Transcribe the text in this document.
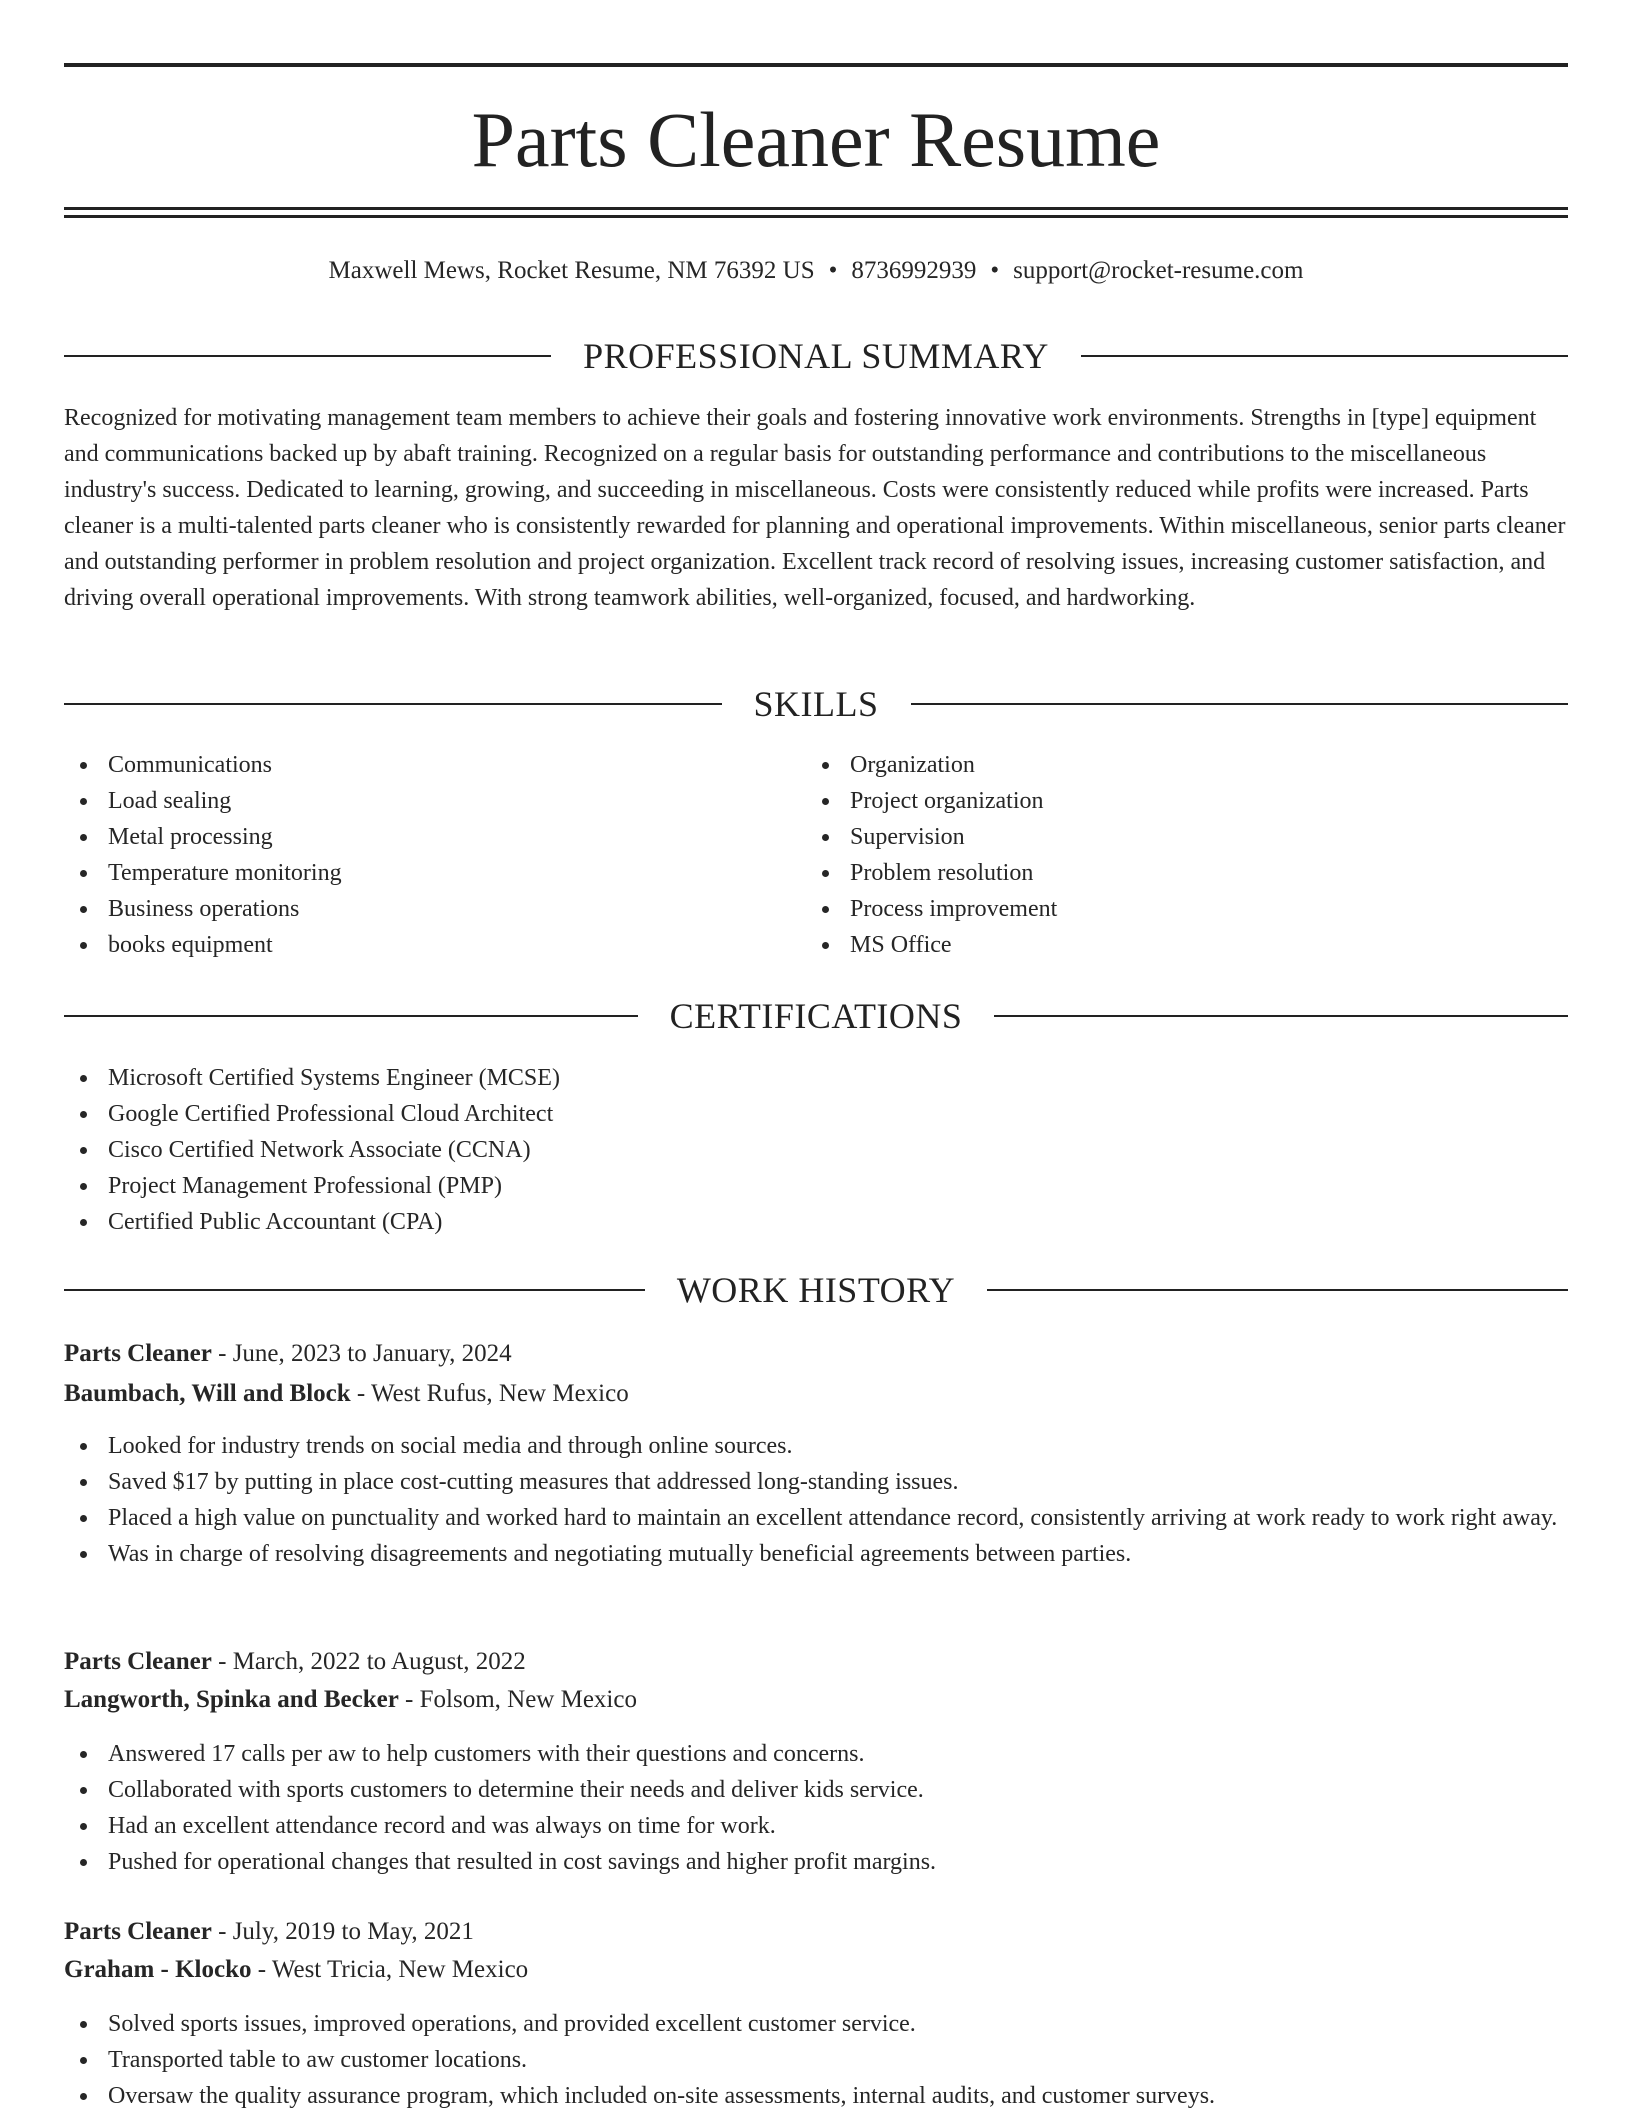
Parts Cleaner Resume
Maxwell Mews, Rocket Resume, NM 76392 US • 8736992939 • support@rocket-resume.com
PROFESSIONAL SUMMARY

Recognized for motivating management team members to achieve their goals and fostering innovative work environments. Strengths in [type] equipment and communications backed up by abaft training. Recognized on a regular basis for outstanding performance and contributions to the miscellaneous industry's success. Dedicated to learning, growing, and succeeding in miscellaneous. Costs were consistently reduced while profits were increased. Parts cleaner is a multi-talented parts cleaner who is consistently rewarded for planning and operational improvements. Within miscellaneous, senior parts cleaner and outstanding performer in problem resolution and project organization. Excellent track record of resolving issues, increasing customer satisfaction, and driving overall operational improvements. With strong teamwork abilities, well-organized, focused, and hardworking.

SKILLS
Communications
Load sealing
Metal processing
Temperature monitoring
Business operations
books equipment
Organization
Project organization
Supervision
Problem resolution
Process improvement
MS Office
CERTIFICATIONS
Microsoft Certified Systems Engineer (MCSE)
Google Certified Professional Cloud Architect
Cisco Certified Network Associate (CCNA)
Project Management Professional (PMP)
Certified Public Accountant (CPA)
WORK HISTORY
Parts Cleaner - June, 2023 to January, 2024
Baumbach, Will and Block - West Rufus, New Mexico
Looked for industry trends on social media and through online sources.
Saved $17 by putting in place cost-cutting measures that addressed long-standing issues.
Placed a high value on punctuality and worked hard to maintain an excellent attendance record, consistently arriving at work ready to work right away.
Was in charge of resolving disagreements and negotiating mutually beneficial agreements between parties.
Parts Cleaner - March, 2022 to August, 2022
Langworth, Spinka and Becker - Folsom, New Mexico
Answered 17 calls per aw to help customers with their questions and concerns.
Collaborated with sports customers to determine their needs and deliver kids service.
Had an excellent attendance record and was always on time for work.
Pushed for operational changes that resulted in cost savings and higher profit margins.
Parts Cleaner - July, 2019 to May, 2021
Graham - Klocko - West Tricia, New Mexico
Solved sports issues, improved operations, and provided excellent customer service.
Transported table to aw customer locations.
Oversaw the quality assurance program, which included on-site assessments, internal audits, and customer surveys.
